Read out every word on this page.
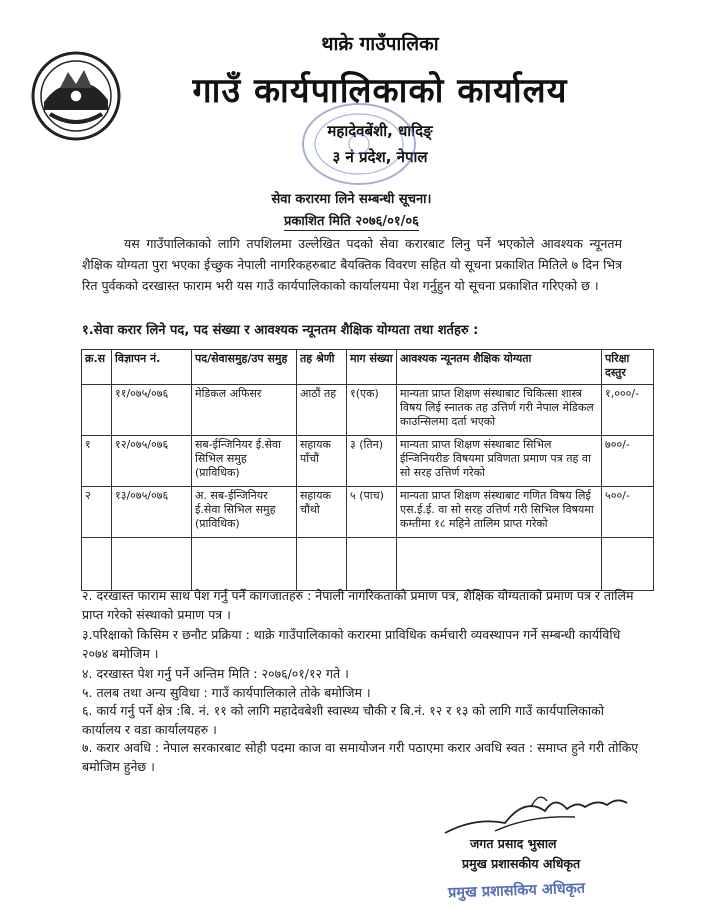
थाक्रे गाउँपालिका
गाउँ कार्यपालिकाको कार्यालय
महादेवबेंशी, धादिङ्
३ नं प्रदेश, नेपाल
सेवा करारमा लिने सम्बन्धी सूचना।
प्रकाशित मिति २०७६/०१/०६
यस गाउँपालिकाको लागि तपशिलमा उल्लेखित पदको सेवा करारबाट लिनु पर्ने भएकोले आवश्यक न्यूनतम शैक्षिक योग्यता पुरा भएका ईच्छुक नेपाली नागरिकहरुबाट बैयक्तिक विवरण सहित यो सूचना प्रकाशित मितिले ७ दिन भित्र रित पुर्वकको दरखास्त फाराम भरी यस गाउँ कार्यपालिकाको कार्यालयमा पेश गर्नुहुन यो सूचना प्रकाशित गरिएको छ ।
१.सेवा करार लिने पद, पद संख्या र आवश्यक न्यूनतम शैक्षिक योग्यता तथा शर्तहरु :
क्र.स	विज्ञापन नं.	पद/सेवासमुह/उप समुह	तह श्रेणी	माग संख्या	आवश्यक न्यूनतम शैक्षिक योग्यता	परिक्षा दस्तुर
	११/०७५/०७६	मेडिकल अफिसर	आठौं तह	१(एक)	मान्यता प्राप्त शिक्षण संस्थाबाट चिकित्सा शास्त्र विषय लिई स्नातक तह उत्तिर्ण गरी नेपाल मेडिकल काउन्सिलमा दर्ता भएको	१,०००/-
१	१२/०७५/०७६	सब-ईन्जिनियर ई.सेवा सिभिल समुह (प्राविधिक)	सहायक पाँचौं	३ (तिन)	मान्यता प्राप्त शिक्षण संस्थाबाट सिभिल ईन्जिनियरीङ विषयमा प्रविणता प्रमाण पत्र तह वा सो सरह उत्तिर्ण गरेको	७००/-
२	१३/०७५/०७६	अ. सब-ईन्जिनियर ई.सेवा सिभिल समुह (प्राविधिक)	सहायक चौंथो	५ (पाच)	मान्यता प्राप्त शिक्षण संस्थाबाट गणित विषय लिई एस.ई.ई. वा सो सरह उत्तिर्ण गरी सिभिल विषयमा कम्तीमा १८ महिने तालिम प्राप्त गरेको	५००/-

२. दरखास्त फाराम साथ पेश गर्नु पर्ने कागजातहरु : नेपाली नागरिकताको प्रमाण पत्र, शैक्षिक योग्यताको प्रमाण पत्र र तालिम प्राप्त गरेको संस्थाको प्रमाण पत्र ।

३.परिक्षाको किसिम र छनौट प्रक्रिया : थाक्रे गाउँपालिकाको करारमा प्राविधिक कर्मचारी व्यवस्थापन गर्ने सम्बन्धी कार्यविधि २०७४ बमोजिम ।

४. दरखास्त पेश गर्नु पर्ने अन्तिम मिति : २०७६/०१/१२ गते ।

५. तलब तथा अन्य सुविधा : गाउँ कार्यपालिकाले तोके बमोजिम ।

६. कार्य गर्नु पर्ने क्षेत्र :बि. नं. ११ को लागि महादेवबेशी स्वास्थ्य चौकी र बि.नं. १२ र १३ को लागि गाउँ कार्यपालिकाको कार्यालय र वडा कार्यालयहरु ।

७. करार अवधि : नेपाल सरकारबाट सोही पदमा काज वा समायोजन गरी पठाएमा करार अवधि स्वत : समाप्त हुने गरी तोकिए बमोजिम हुनेछ ।

जगत प्रसाद भुसाल
प्रमुख प्रशासकीय अधिकृत
प्रमुख प्रशासकिय अधिकृत
